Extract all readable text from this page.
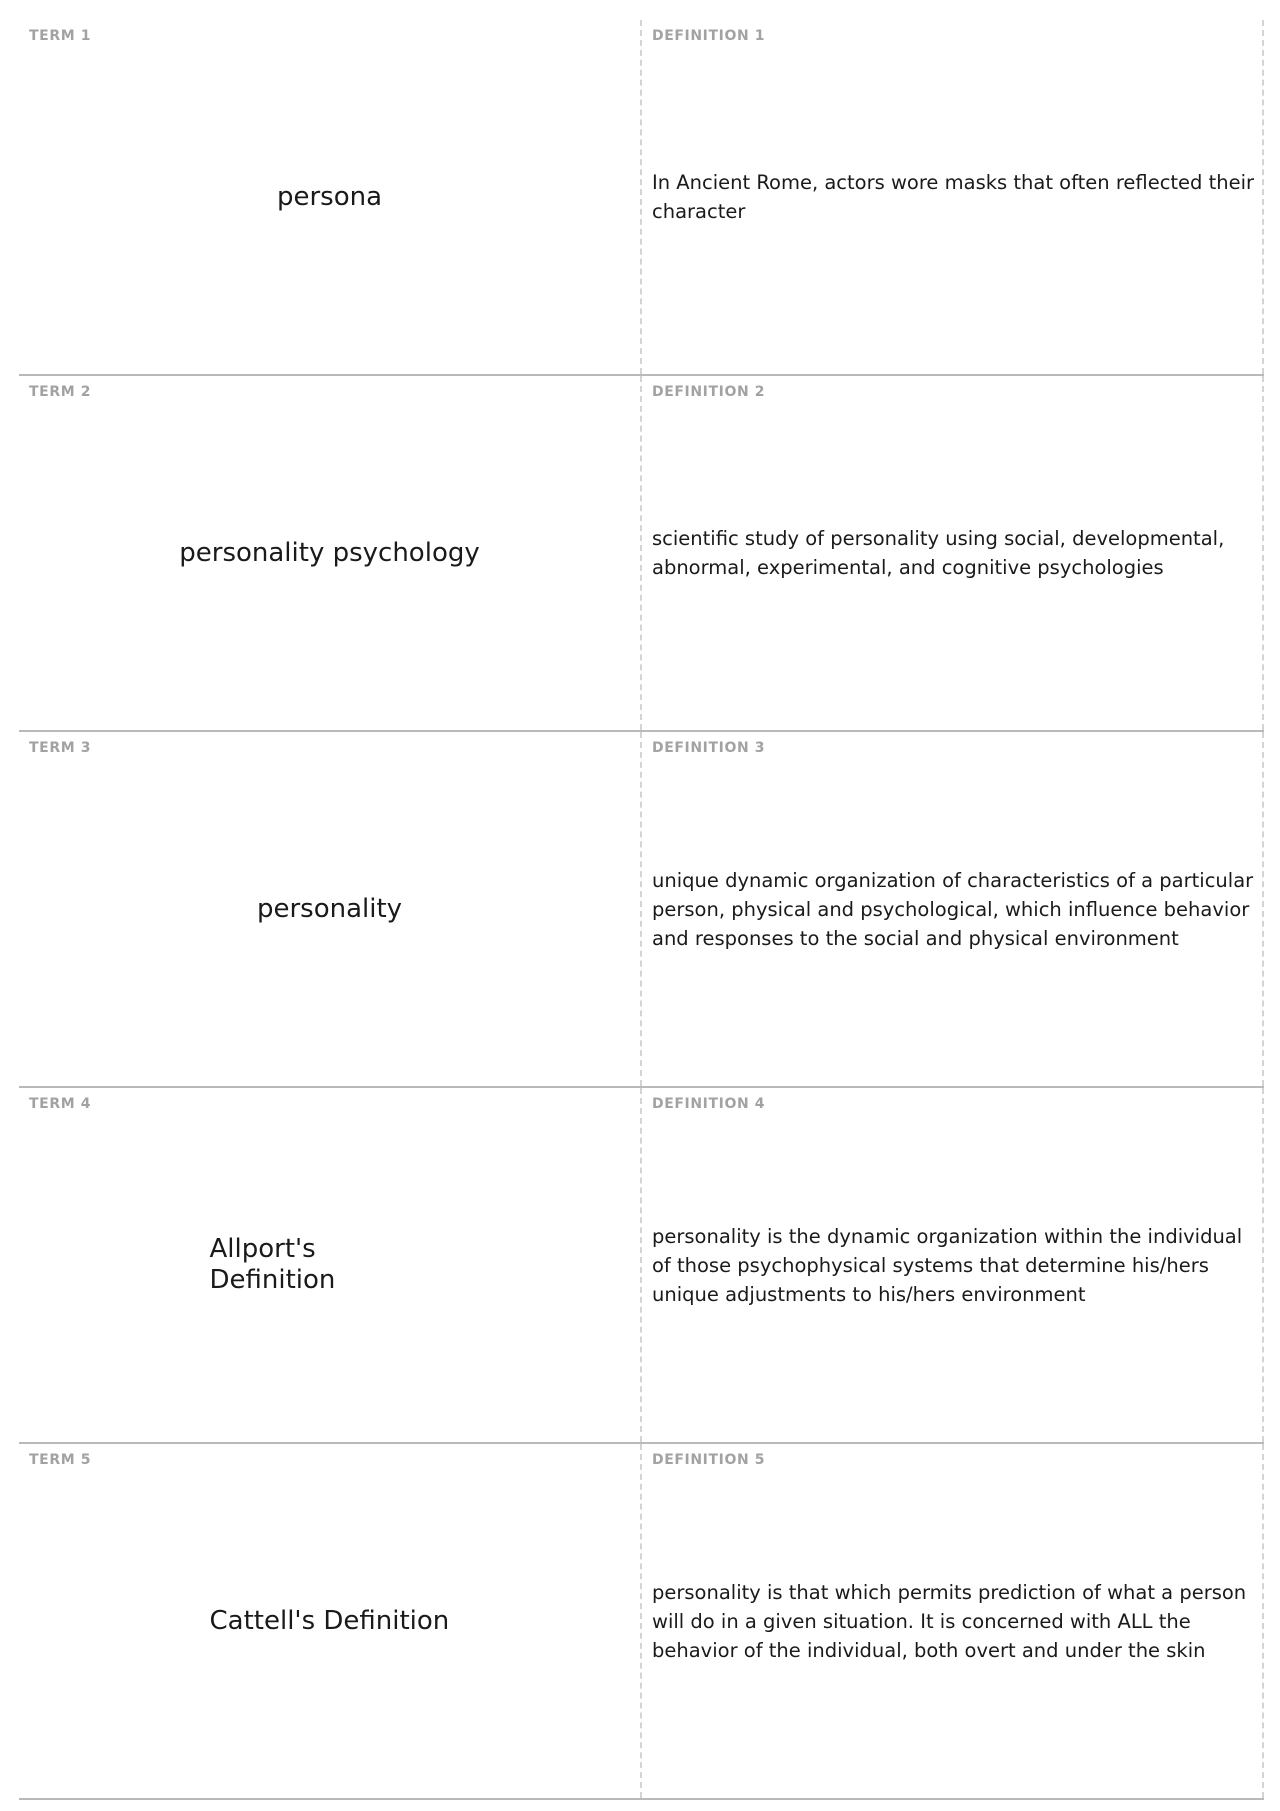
TERM 1
persona
DEFINITION 1
In Ancient Rome, actors wore masks that often reflected their character
TERM 2
personality psychology
DEFINITION 2
scientific study of personality using social, developmental, abnormal, experimental, and cognitive psychologies
TERM 3
personality
DEFINITION 3
unique dynamic organization of characteristics of a particular person, physical and psychological, which influence behavior and responses to the social and physical environment
TERM 4
Allport's Definition
DEFINITION 4
personality is the dynamic organization within the individual of those psychophysical systems that determine his/hers unique adjustments to his/hers environment
TERM 5
Cattell's Definition
DEFINITION 5
personality is that which permits prediction of what a person will do in a given situation. It is concerned with ALL the behavior of the individual, both overt and under the skin
